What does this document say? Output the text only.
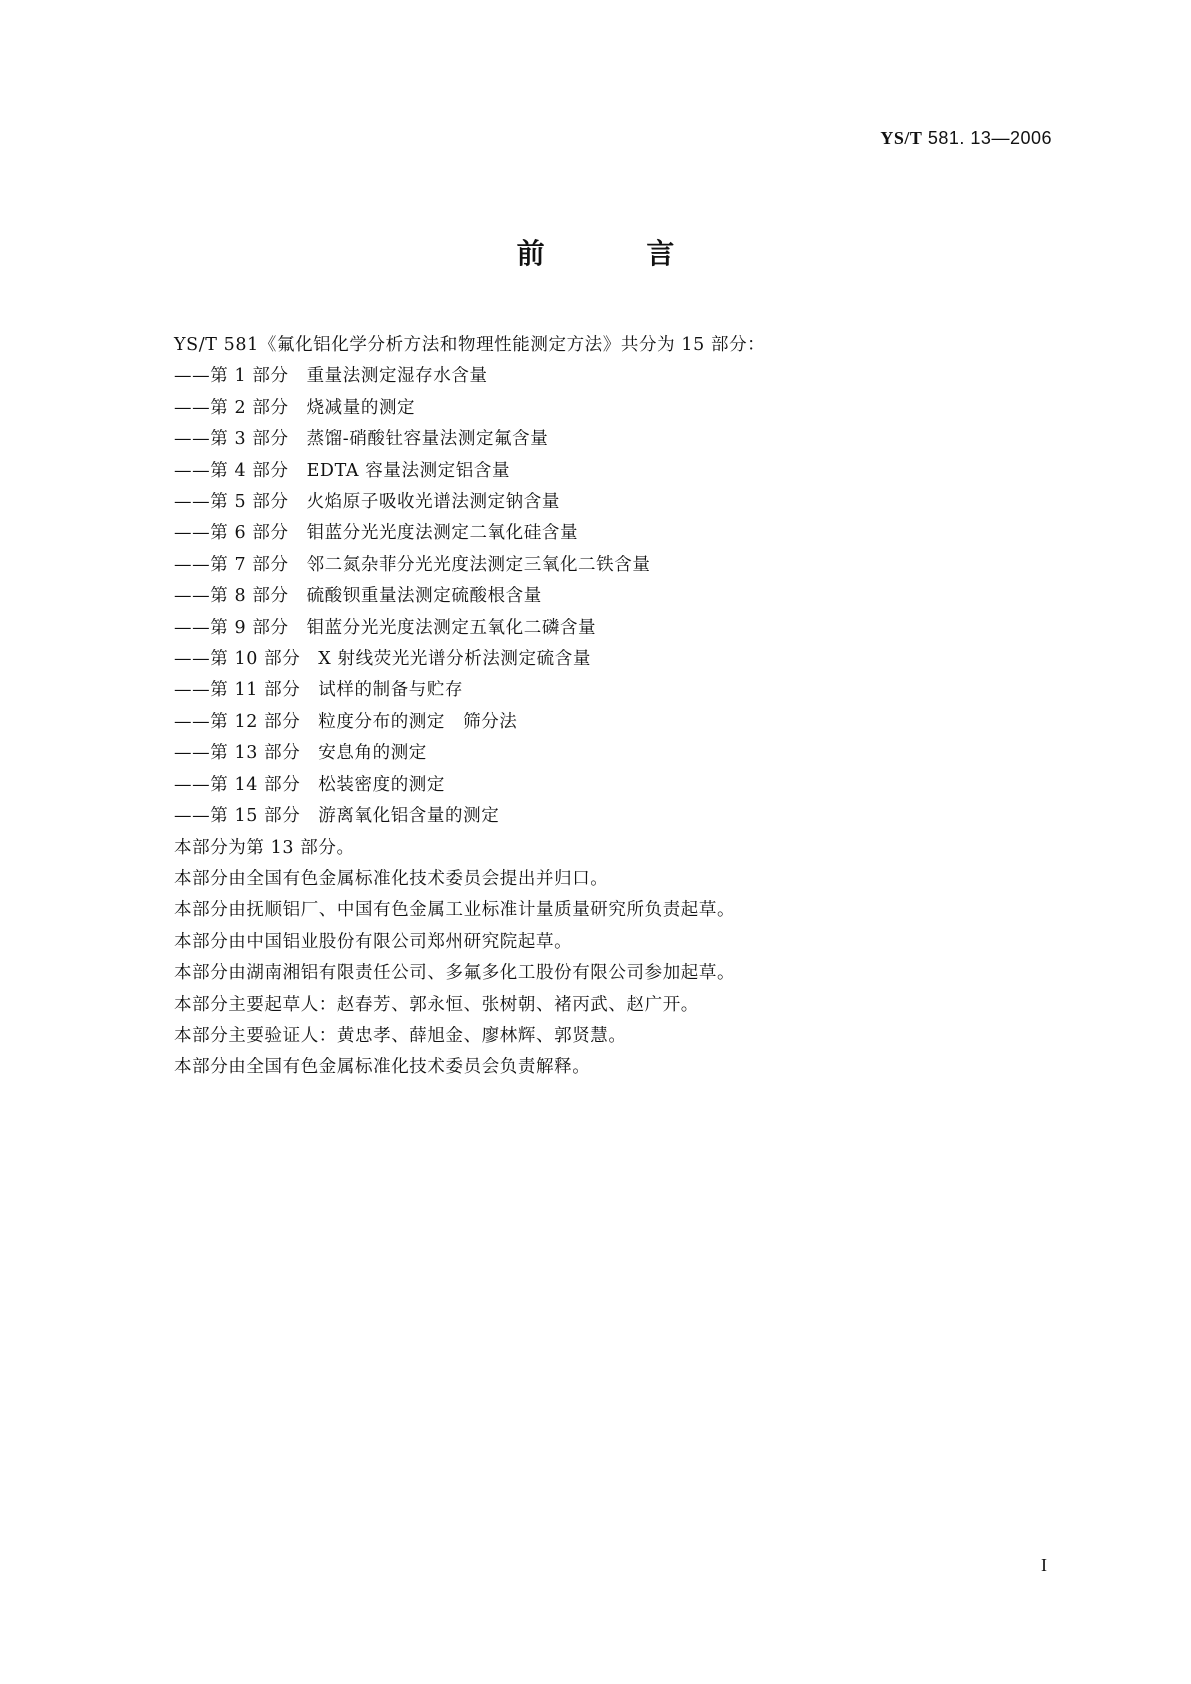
YS/T 581. 13—2006
前 言
YS/T 581《氟化铝化学分析方法和物理性能测定方法》共分为 15 部分：
——第 1 部分 重量法测定湿存水含量
——第 2 部分 烧减量的测定
——第 3 部分 蒸馏-硝酸钍容量法测定氟含量
——第 4 部分 EDTA 容量法测定铝含量
——第 5 部分 火焰原子吸收光谱法测定钠含量
——第 6 部分 钼蓝分光光度法测定二氧化硅含量
——第 7 部分 邻二氮杂菲分光光度法测定三氧化二铁含量
——第 8 部分 硫酸钡重量法测定硫酸根含量
——第 9 部分 钼蓝分光光度法测定五氧化二磷含量
——第 10 部分 X 射线荧光光谱分析法测定硫含量
——第 11 部分 试样的制备与贮存
——第 12 部分 粒度分布的测定　筛分法
——第 13 部分 安息角的测定
——第 14 部分 松装密度的测定
——第 15 部分 游离氧化铝含量的测定
本部分为第 13 部分。
本部分由全国有色金属标准化技术委员会提出并归口。
本部分由抚顺铝厂、中国有色金属工业标准计量质量研究所负责起草。
本部分由中国铝业股份有限公司郑州研究院起草。
本部分由湖南湘铝有限责任公司、多氟多化工股份有限公司参加起草。
本部分主要起草人：赵春芳、郭永恒、张树朝、褚丙武、赵广开。
本部分主要验证人：黄忠孝、薛旭金、廖林辉、郭贤慧。
本部分由全国有色金属标准化技术委员会负责解释。
I
